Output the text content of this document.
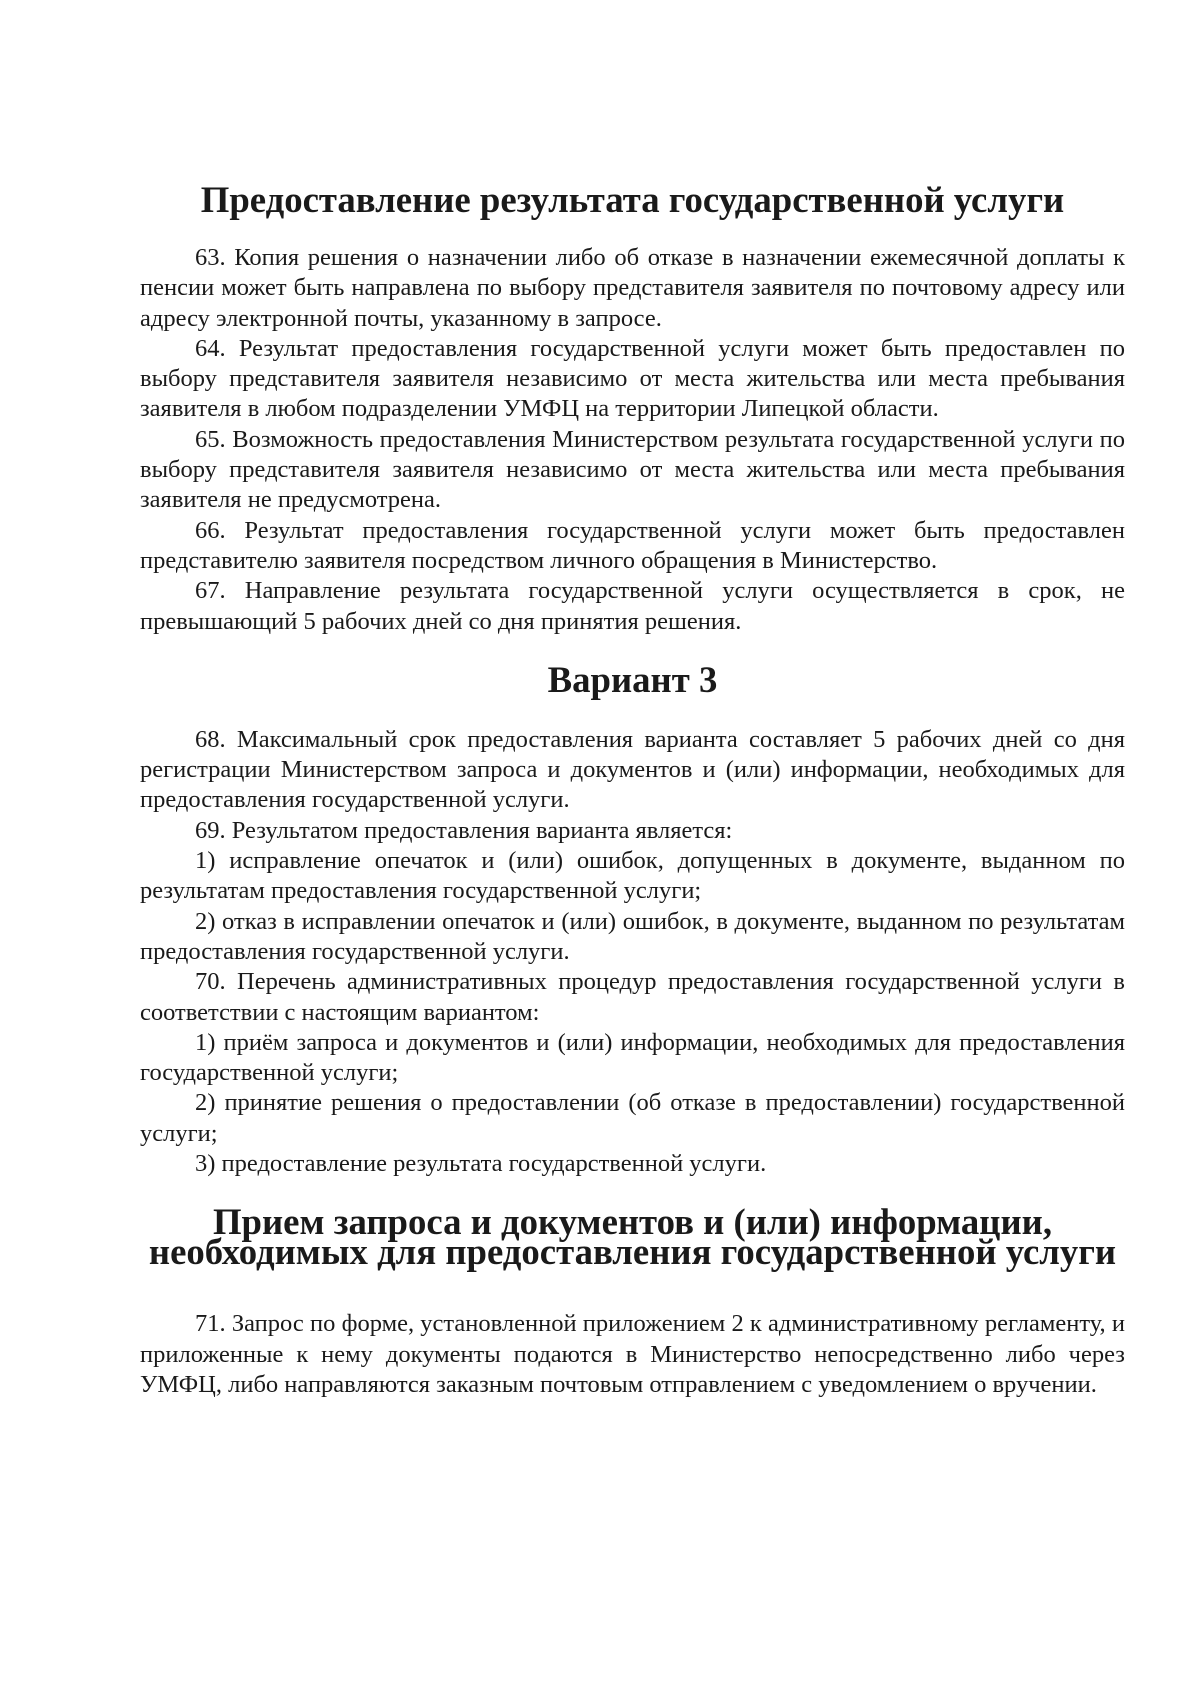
Предоставление результата государственной услуги

63. Копия решения о назначении либо об отказе в назначении ежемесячной доплаты к пенсии может быть направлена по выбору представителя заявителя по почтовому адресу или адресу электронной почты, указанному в запросе.

64. Результат предоставления государственной услуги может быть предоставлен по выбору представителя заявителя независимо от места жительства или места пребывания заявителя в любом подразделении УМФЦ на территории Липецкой области.

65. Возможность предоставления Министерством результата государственной услуги по выбору представителя заявителя независимо от места жительства или места пребывания заявителя не предусмотрена.

66. Результат предоставления государственной услуги может быть предоставлен представителю заявителя посредством личного обращения в Министерство.

67. Направление результата государственной услуги осуществляется в срок, не превышающий 5 рабочих дней со дня принятия решения.

Вариант 3

68. Максимальный срок предоставления варианта составляет 5 рабочих дней со дня регистрации Министерством запроса и документов и (или) информации, необходимых для предоставления государственной услуги.

69. Результатом предоставления варианта является:

1) исправление опечаток и (или) ошибок, допущенных в документе, выданном по результатам предоставления государственной услуги;

2) отказ в исправлении опечаток и (или) ошибок, в документе, выданном по результатам предоставления государственной услуги.

70. Перечень административных процедур предоставления государственной услуги в соответствии с настоящим вариантом:

1) приём запроса и документов и (или) информации, необходимых для предоставления государственной услуги;

2) принятие решения о предоставлении (об отказе в предоставлении) государственной услуги;

3) предоставление результата государственной услуги.

Прием запроса и документов и (или) информации,
необходимых для предоставления государственной услуги

71. Запрос по форме, установленной приложением 2 к административному регламенту, и приложенные к нему документы подаются в Министерство непосредственно либо через УМФЦ, либо направляются заказным почтовым отправлением с уведомлением о вручении.
